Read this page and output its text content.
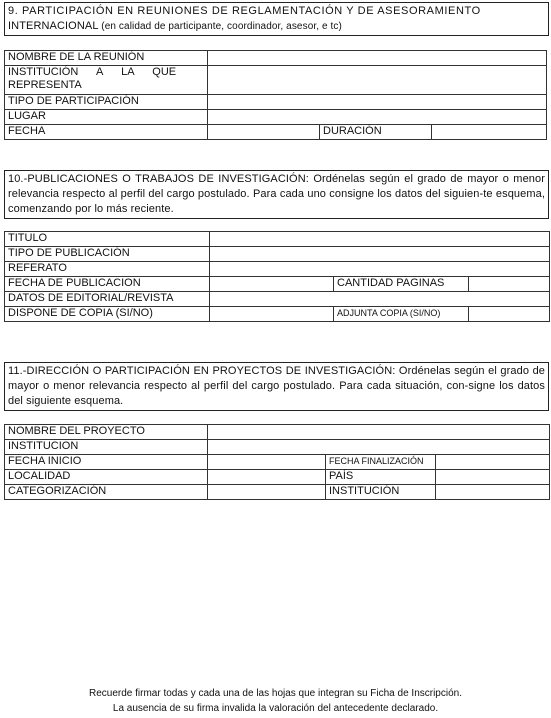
9. PARTICIPACIÓN EN REUNIONES DE REGLAMENTACIÓN Y DE ASESORAMIENTO
INTERNACIONAL (en calidad de participante, coordinador, asesor, e tc)
NOMBRE DE LA REUNIÓN			

INSTITUCIÓN      A      LA      QUE
REPRESENTA			

TIPO DE PARTICIPACIÓN			
LUGAR			
FECHA		DURACIÓN	
10.-PUBLICACIONES O TRABAJOS DE INVESTIGACIÓN: Ordénelas según el grado de mayor o menor relevancia respecto al perfil del cargo postulado. Para cada uno consigne los datos del siguien-te esquema, comenzando por lo más reciente.
TITULO			
TIPO DE PUBLICACIÓN			
REFERATO			
FECHA DE PUBLICACION		CANTIDAD PAGINAS	
DATOS DE EDITORIAL/REVISTA			
DISPONE DE COPIA (SI/NO)		ADJUNTA COPIA (SI/NO)	
11.-DIRECCIÓN O PARTICIPACIÓN EN PROYECTOS DE INVESTIGACIÓN: Ordénelas según el grado de mayor o menor relevancia respecto al perfil del cargo postulado. Para cada situación, con-signe los datos del siguiente esquema.
NOMBRE DEL PROYECTO			
INSTITUCION			
FECHA INICIO		FECHA FINALIZACIÓN	
LOCALIDAD		PAÍS	
CATEGORIZACIÓN		INSTITUCIÓN	
Recuerde firmar todas y cada una de las hojas que integran su Ficha de Inscripción.
La ausencia de su firma invalida la valoración del antecedente declarado.
